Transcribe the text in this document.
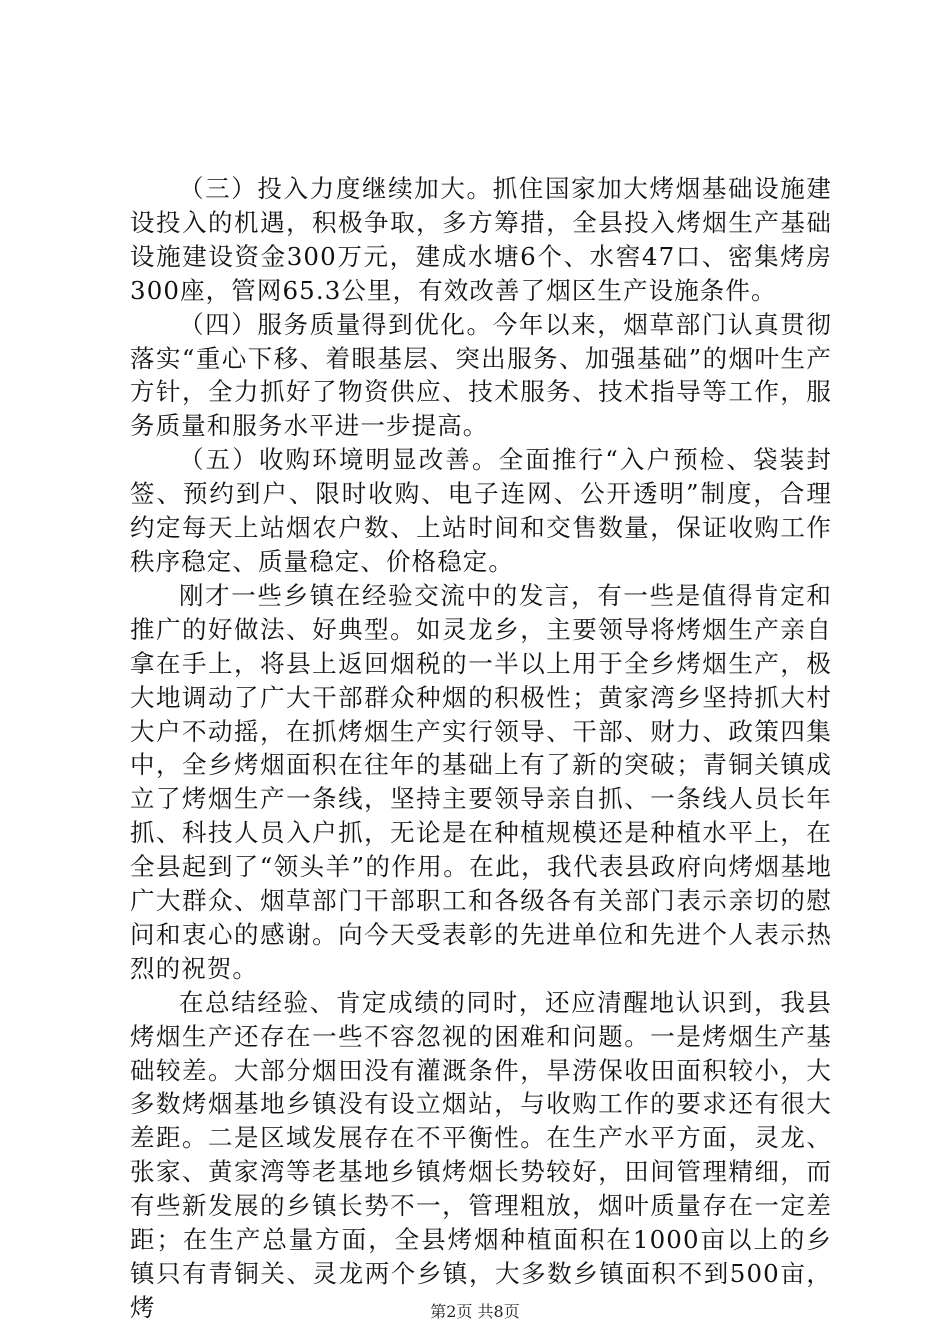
（三）投入力度继续加大。抓住国家加大烤烟基础设施建设投入的机遇，积极争取，多方筹措，全县投入烤烟生产基础设施建设资金300万元，建成水塘6个、水窖47口、密集烤房300座，管网65.3公里，有效改善了烟区生产设施条件。

（四）服务质量得到优化。今年以来，烟草部门认真贯彻落实“重心下移、着眼基层、突出服务、加强基础”的烟叶生产方针，全力抓好了物资供应、技术服务、技术指导等工作，服务质量和服务水平进一步提高。

（五）收购环境明显改善。全面推行“入户预检、袋装封签、预约到户、限时收购、电子连网、公开透明”制度，合理约定每天上站烟农户数、上站时间和交售数量，保证收购工作秩序稳定、质量稳定、价格稳定。

刚才一些乡镇在经验交流中的发言，有一些是值得肯定和推广的好做法、好典型。如灵龙乡，主要领导将烤烟生产亲自拿在手上，将县上返回烟税的一半以上用于全乡烤烟生产，极大地调动了广大干部群众种烟的积极性；黄家湾乡坚持抓大村大户不动摇，在抓烤烟生产实行领导、干部、财力、政策四集中，全乡烤烟面积在往年的基础上有了新的突破；青铜关镇成立了烤烟生产一条线，坚持主要领导亲自抓、一条线人员长年抓、科技人员入户抓，无论是在种植规模还是种植水平上，在全县起到了“领头羊”的作用。在此，我代表县政府向烤烟基地广大群众、烟草部门干部职工和各级各有关部门表示亲切的慰问和衷心的感谢。向今天受表彰的先进单位和先进个人表示热烈的祝贺。

在总结经验、肯定成绩的同时，还应清醒地认识到，我县烤烟生产还存在一些不容忽视的困难和问题。一是烤烟生产基础较差。大部分烟田没有灌溉条件，旱涝保收田面积较小，大多数烤烟基地乡镇没有设立烟站，与收购工作的要求还有很大差距。二是区域发展存在不平衡性。在生产水平方面，灵龙、张家、黄家湾等老基地乡镇烤烟长势较好，田间管理精细，而有些新发展的乡镇长势不一，管理粗放，烟叶质量存在一定差距；在生产总量方面，全县烤烟种植面积在1000亩以上的乡镇只有青铜关、灵龙两个乡镇，大多数乡镇面积不到500亩，烤	第2页 共8页
